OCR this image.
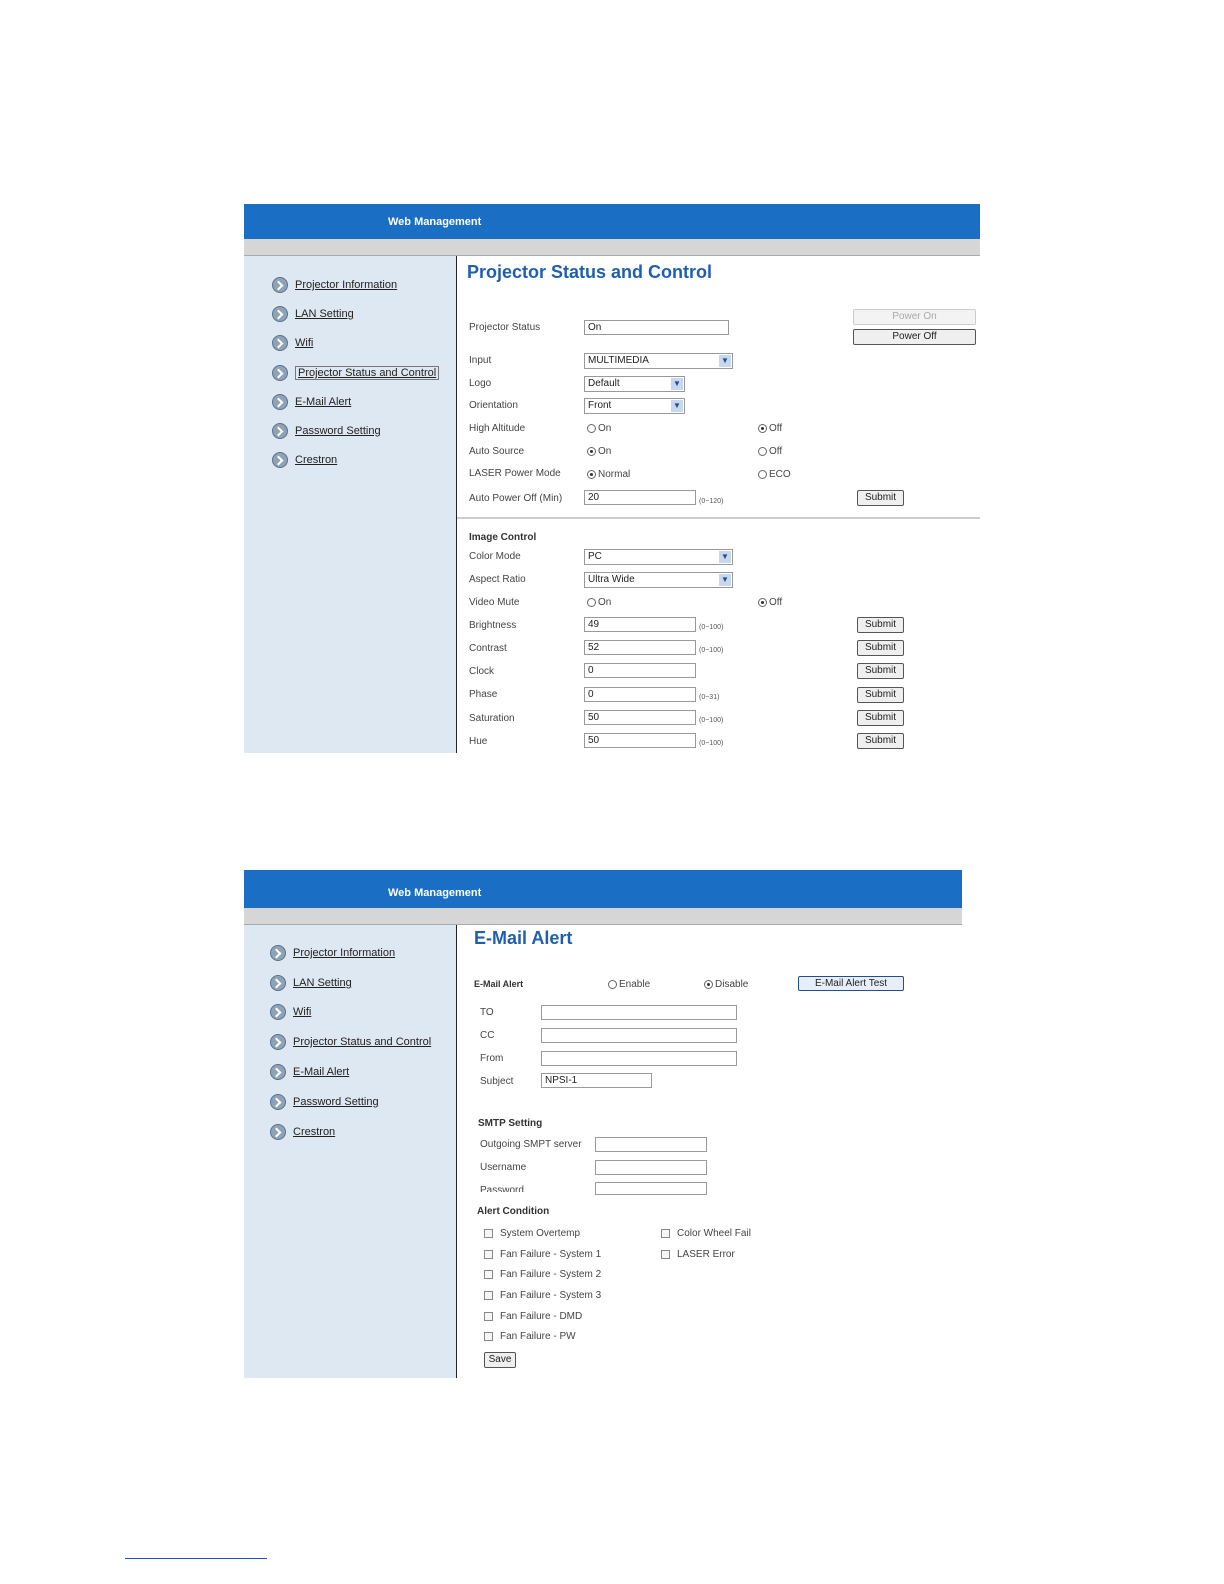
Web Management
Projector Information
LAN Setting
Wifi
Projector Status and Control
E-Mail Alert
Password Setting
Crestron
Projector Status and Control
Power On
Power Off
Projector Status	On
Input	MULTIMEDIA	▼
Logo	Default	▼
Orientation	Front	▼
High Altitude	On	Off
Auto Source	On	Off
LASER Power Mode	Normal	ECO
Auto Power Off (Min)	20	(0~120)	Submit
Image Control
Color Mode	PC	▼
Aspect Ratio	Ultra Wide	▼
Video Mute	On	Off
Brightness	49	(0~100)	Submit
Contrast	52	(0~100)	Submit
Clock	0	Submit
Phase	0	(0~31)	Submit
Saturation	50	(0~100)	Submit
Hue	50	(0~100)	Submit
Web Management
Projector Information
LAN Setting
Wifi
Projector Status and Control
E-Mail Alert
Password Setting
Crestron
E-Mail Alert
E-Mail Alert	Enable	Disable	E-Mail Alert Test
TO
CC
From
Subject	NPSI-1
SMTP Setting
Outgoing SMPT server
Username
Password
Alert Condition
System Overtemp
Fan Failure - System 1
Fan Failure - System 2
Fan Failure - System 3
Fan Failure - DMD
Fan Failure - PW
Color Wheel Fail
LASER Error
Save
